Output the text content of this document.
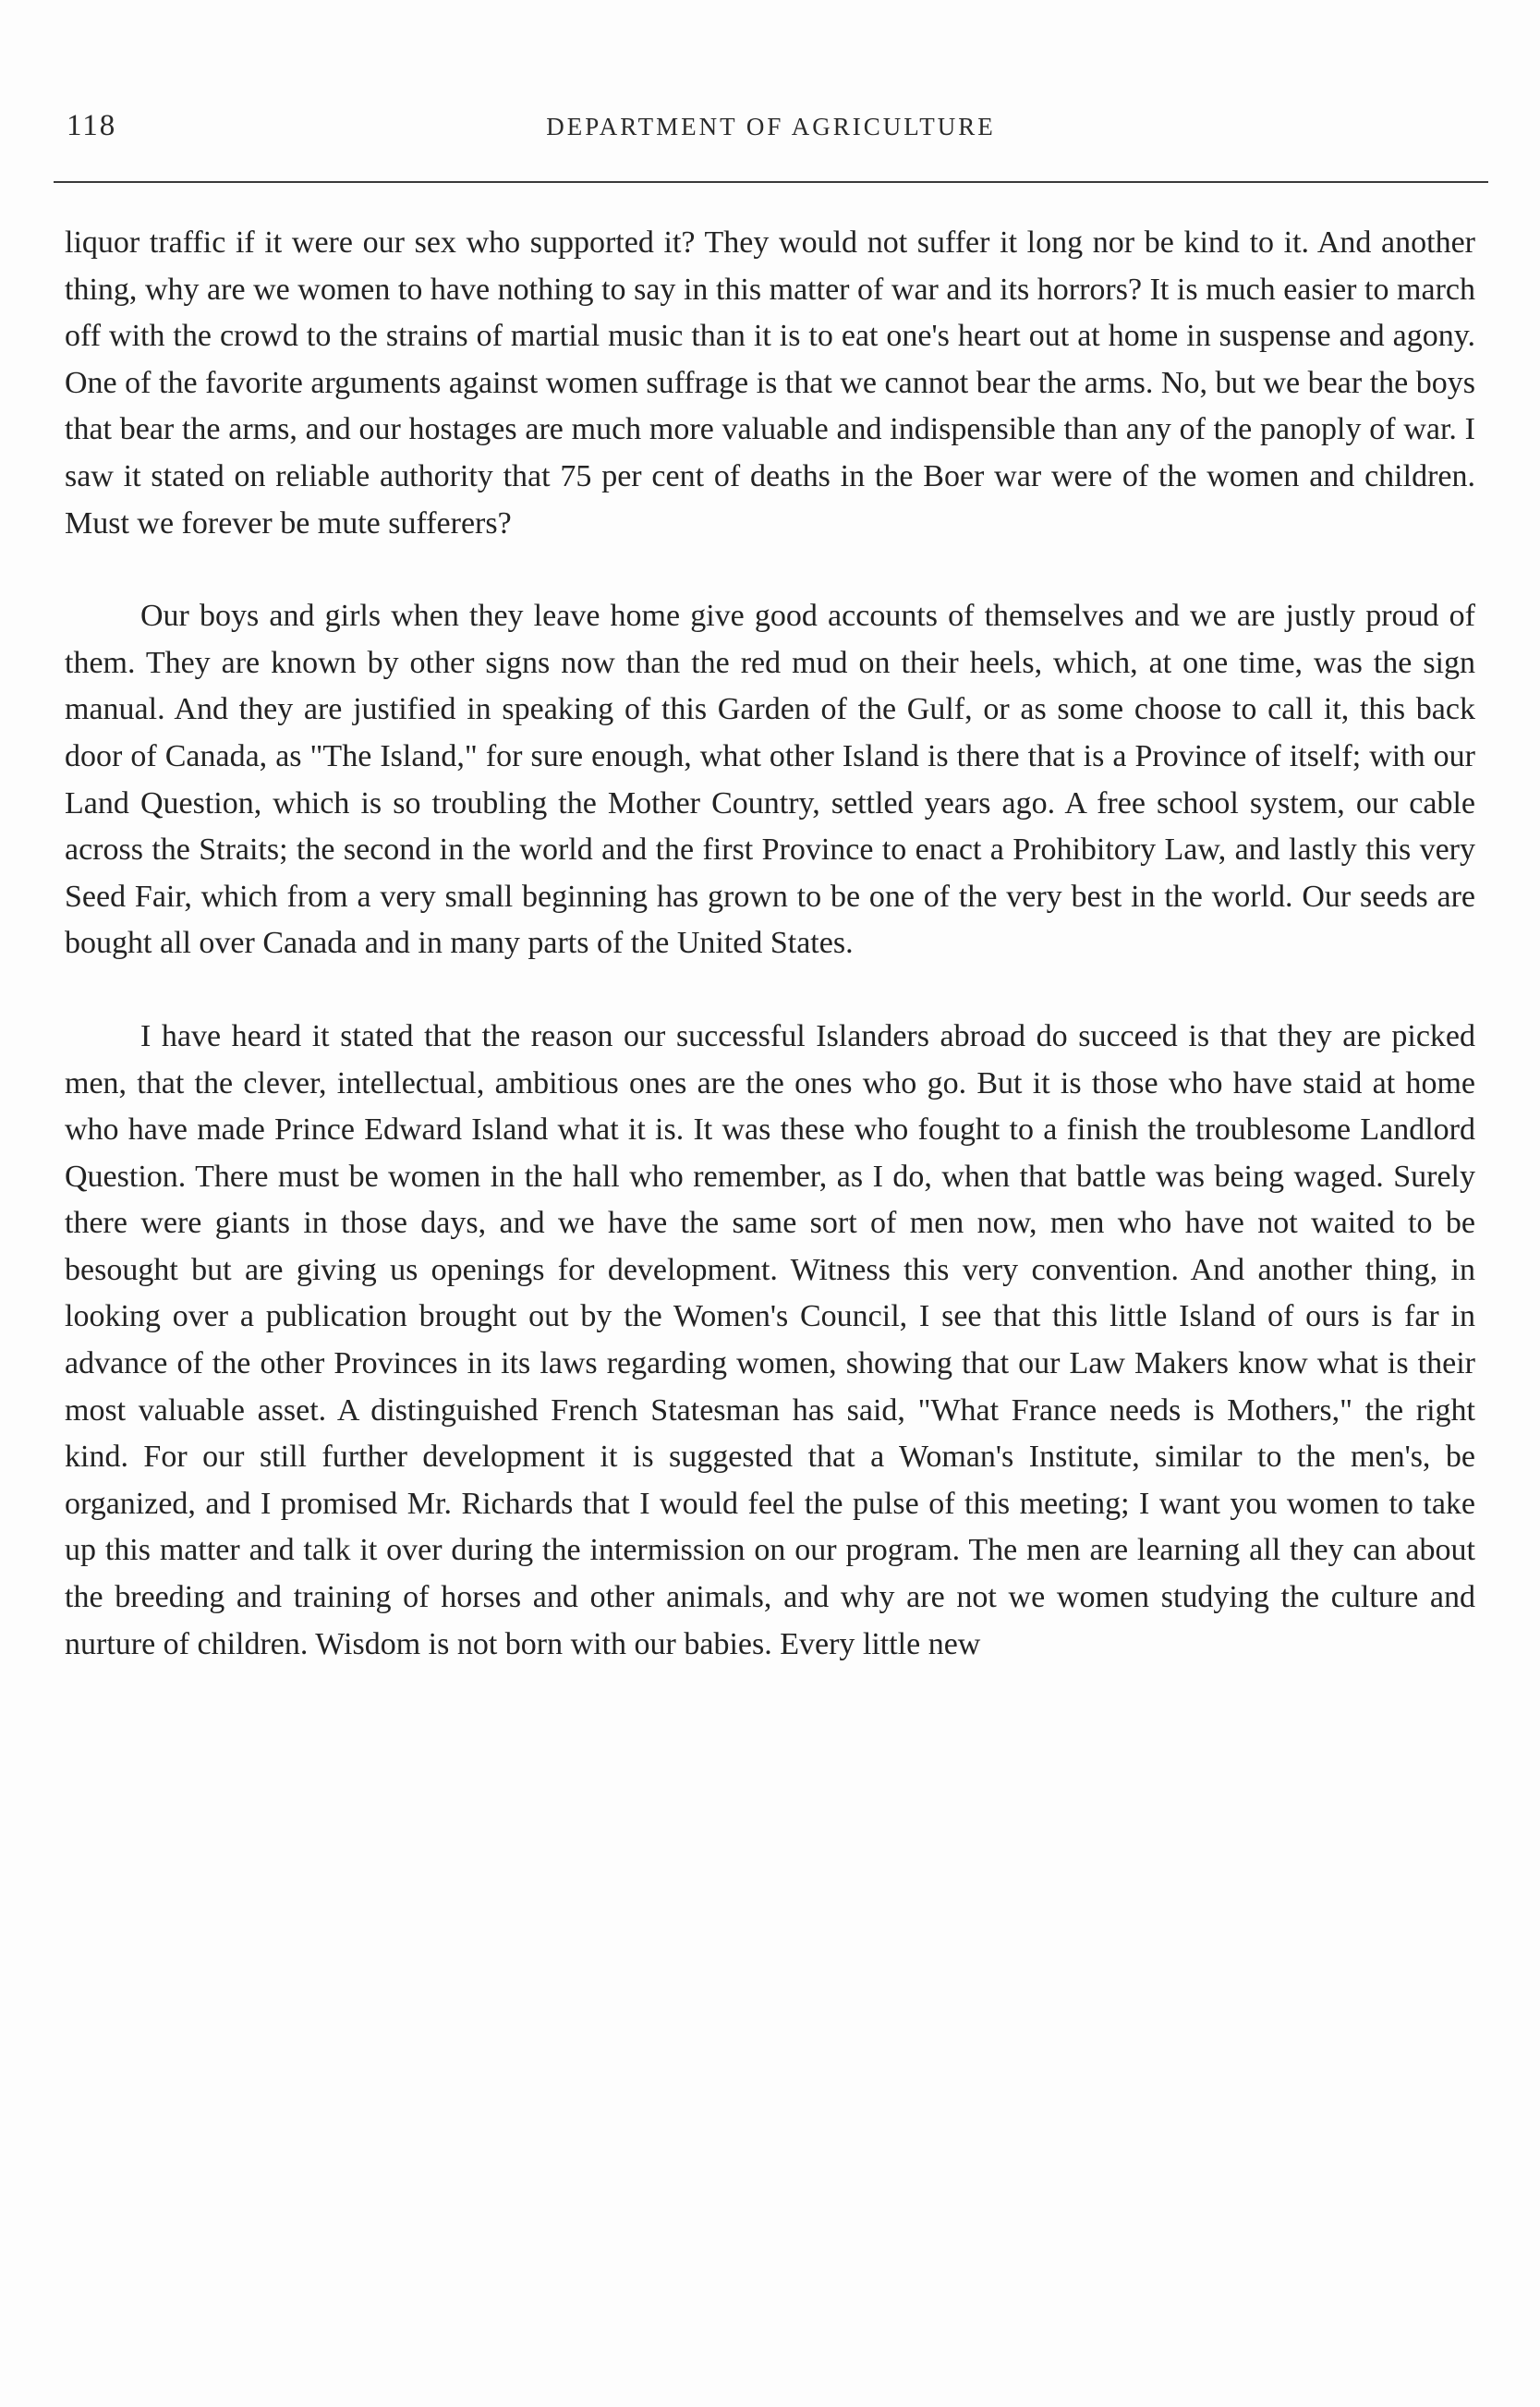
118	DEPARTMENT OF AGRICULTURE

liquor traffic if it were our sex who supported it? They would not suffer it long nor be kind to it. And another thing, why are we women to have nothing to say in this matter of war and its horrors? It is much easier to march off with the crowd to the strains of martial music than it is to eat one's heart out at home in suspense and agony. One of the favorite arguments against women suffrage is that we cannot bear the arms. No, but we bear the boys that bear the arms, and our hostages are much more valuable and indispensible than any of the panoply of war. I saw it stated on reliable authority that 75 per cent of deaths in the Boer war were of the women and children. Must we forever be mute sufferers?

Our boys and girls when they leave home give good accounts of themselves and we are justly proud of them. They are known by other signs now than the red mud on their heels, which, at one time, was the sign manual. And they are justified in speaking of this Garden of the Gulf, or as some choose to call it, this back door of Canada, as "The Island," for sure enough, what other Island is there that is a Province of itself; with our Land Question, which is so troubling the Mother Country, settled years ago. A free school system, our cable across the Straits; the second in the world and the first Province to enact a Prohibitory Law, and lastly this very Seed Fair, which from a very small beginning has grown to be one of the very best in the world. Our seeds are bought all over Canada and in many parts of the United States.

I have heard it stated that the reason our successful Islanders abroad do succeed is that they are picked men, that the clever, intellectual, ambitious ones are the ones who go. But it is those who have staid at home who have made Prince Edward Island what it is. It was these who fought to a finish the troublesome Landlord Question. There must be women in the hall who remember, as I do, when that battle was being waged. Surely there were giants in those days, and we have the same sort of men now, men who have not waited to be besought but are giving us openings for development. Witness this very convention. And another thing, in looking over a publication brought out by the Women's Council, I see that this little Island of ours is far in advance of the other Provinces in its laws regarding women, showing that our Law Makers know what is their most valuable asset. A distinguished French Statesman has said, "What France needs is Mothers," the right kind. For our still further development it is suggested that a Woman's Institute, similar to the men's, be organized, and I promised Mr. Richards that I would feel the pulse of this meeting; I want you women to take up this matter and talk it over during the intermission on our program. The men are learning all they can about the breeding and training of horses and other animals, and why are not we women studying the culture and nurture of children. Wisdom is not born with our babies. Every little new
